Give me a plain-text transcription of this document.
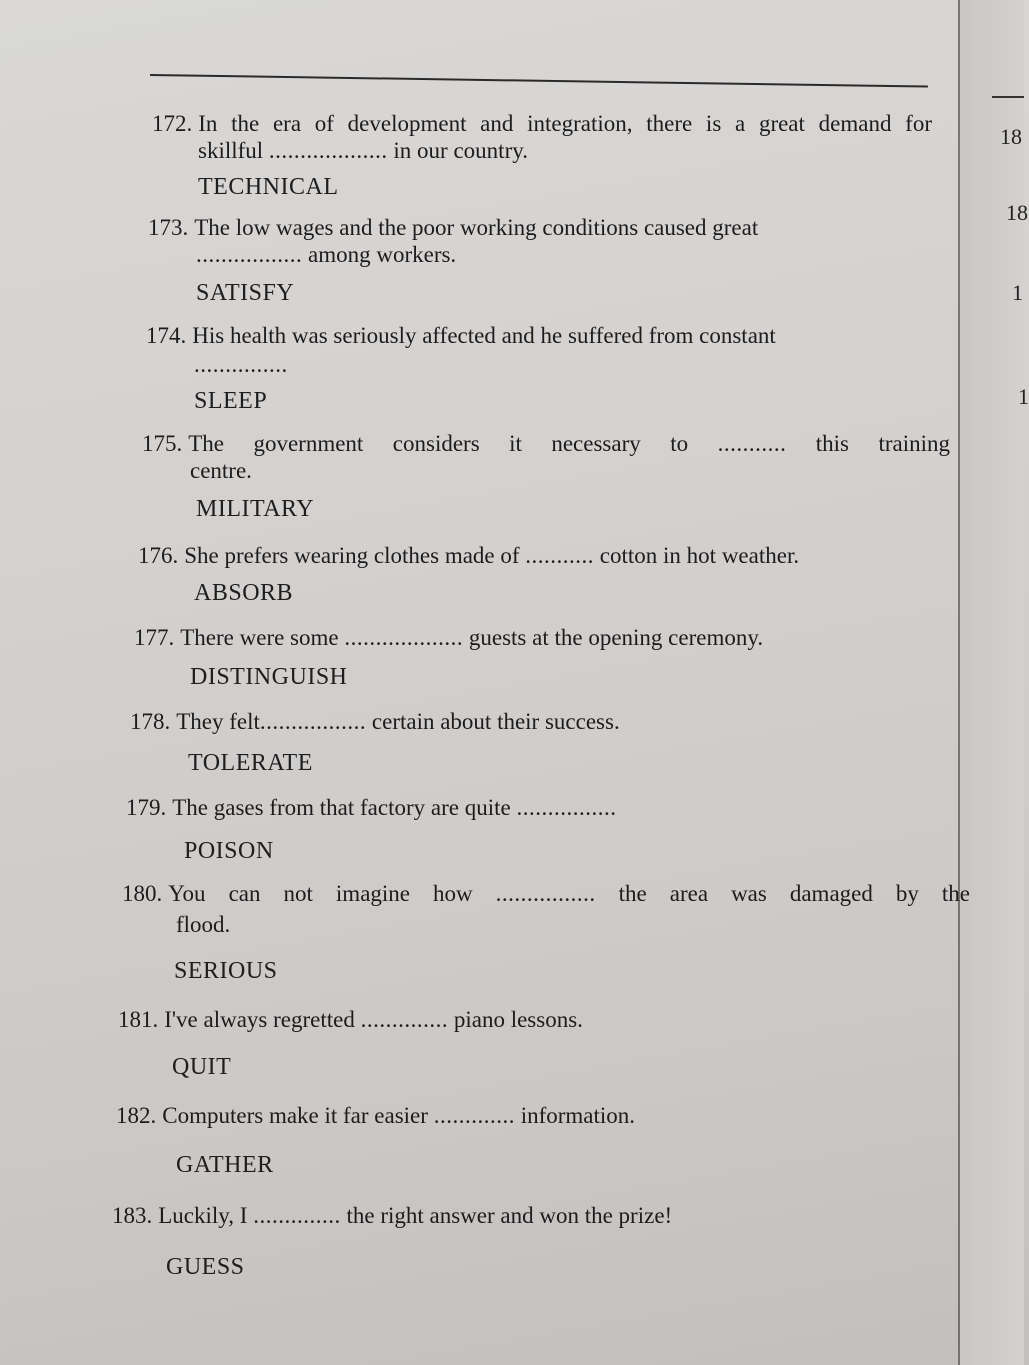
18
18
1
1
172. In the era of development and integration, there is a great demand for
skillful ................... in our country.
TECHNICAL
173. The low wages and the poor working conditions caused great
................. among workers.
SATISFY
174. His health was seriously affected and he suffered from constant
...............
SLEEP
175. The government considers it necessary to ........... this training
centre.
MILITARY
176. She prefers wearing clothes made of ........... cotton in hot weather.
ABSORB
177. There were some ................... guests at the opening ceremony.
DISTINGUISH
178. They felt................. certain about their success.
TOLERATE
179. The gases from that factory are quite ................
POISON
180. You can not imagine how ................ the area was damaged by the
flood.
SERIOUS
181. I've always regretted .............. piano lessons.
QUIT
182. Computers make it far easier ............. information.
GATHER
183. Luckily, I .............. the right answer and won the prize!
GUESS
